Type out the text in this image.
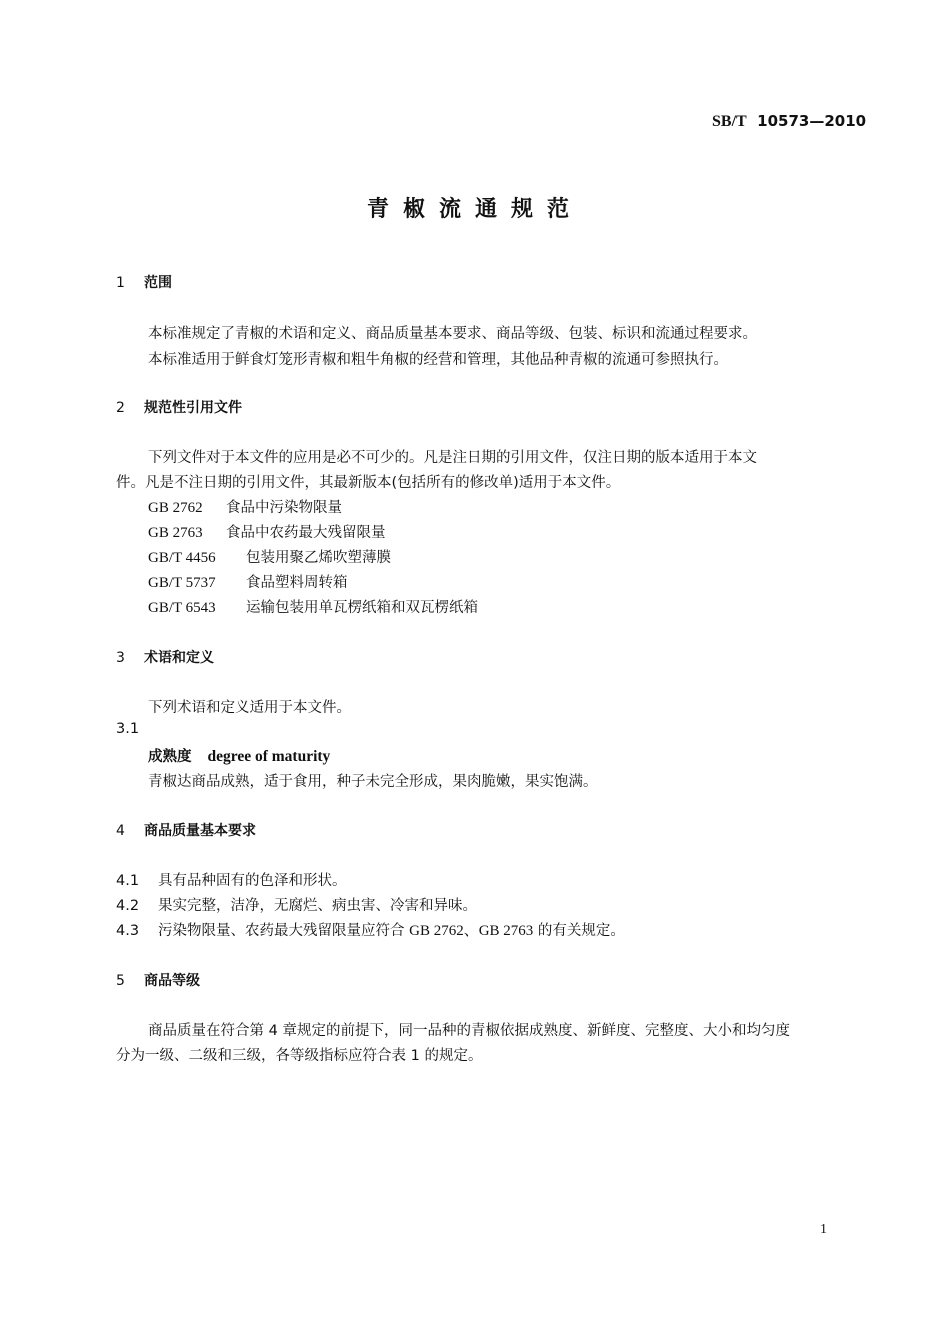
SB/T 10573—2010
青椒流通规范
1 范围
本标准规定了青椒的术语和定义、商品质量基本要求、商品等级、包装、标识和流通过程要求。
本标准适用于鲜食灯笼形青椒和粗牛角椒的经营和管理，其他品种青椒的流通可参照执行。
2 规范性引用文件
下列文件对于本文件的应用是必不可少的。凡是注日期的引用文件，仅注日期的版本适用于本文
件。凡是不注日期的引用文件，其最新版本(包括所有的修改单)适用于本文件。
GB 2762 食品中污染物限量
GB 2763 食品中农药最大残留限量
GB/T 4456 包装用聚乙烯吹塑薄膜
GB/T 5737 食品塑料周转箱
GB/T 6543 运输包装用单瓦楞纸箱和双瓦楞纸箱
3 术语和定义
下列术语和定义适用于本文件。
3.1
成熟度 degree of maturity
青椒达商品成熟，适于食用，种子未完全形成，果肉脆嫩，果实饱满。
4 商品质量基本要求
4.1 具有品种固有的色泽和形状。
4.2 果实完整，洁净，无腐烂、病虫害、冷害和异味。
4.3 污染物限量、农药最大残留限量应符合 GB 2762、GB 2763 的有关规定。
5 商品等级
商品质量在符合第 4 章规定的前提下，同一品种的青椒依据成熟度、新鲜度、完整度、大小和均匀度
分为一级、二级和三级，各等级指标应符合表 1 的规定。
1
